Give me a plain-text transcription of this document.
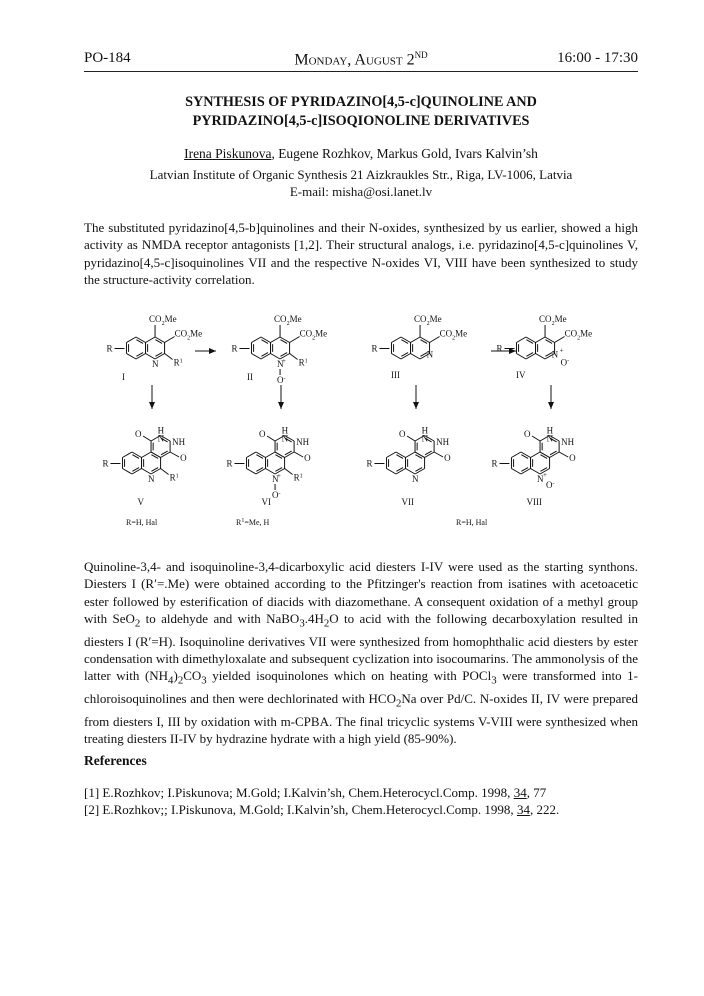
PO-184	Monday, August 2ND	16:00 - 17:30
SYNTHESIS OF PYRIDAZINO[4,5-c]QUINOLINE AND
PYRIDAZINO[4,5-c]ISOQIONOLINE DERIVATIVES
Irena Piskunova, Eugene Rozhkov, Markus Gold, Ivars Kalvin’sh
Latvian Institute of Organic Synthesis 21 Aizkraukles Str., Riga, LV-1006, Latvia
E-mail: misha@osi.lanet.lv

The substituted pyridazino[4,5-b]quinolines and their N-oxides, synthesized by us earlier, showed a high activity as NMDA receptor antagonists [1,2]. Their structural analogs, i.e. pyridazino[4,5-c]quinolines V, pyridazino[4,5-c]isoquinolines VII and the respective N-oxides VI, VIII have been synthesized to study the structure-activity correlation.

R
$CO_2Me$
$CO_2Me$
N $R^1$
I
R
$CO_2Me$
$CO_2Me$
N $R^1$
+
O-
II
R
$CO_2Me$
$CO_2Me$
N
III
R
$CO_2Me$
$CO_2Me$
N +
O-
IV
R
O H
N NH
O
N $R^1$
V
R
O H
N NH
O
N $R^1$
+
O-
VI
R
O H
N NH
O
N
VII
R
O H
N NH
O
N +
O-
VIII
R=H, Hal	$R^1=Me$, H	R=H, Hal

Quinoline-3,4- and isoquinoline-3,4-dicarboxylic acid diesters I-IV were used as the starting synthons. Diesters I (R′=.Me) were obtained according to the Pfitzinger's reaction from isatines with acetoacetic ester followed by esterification of diacids with diazomethane. A consequent oxidation of a methyl group with SeO$_2$ to aldehyde and with $NaBO_3.4H_2O$ to acid with the following decarboxylation resulted in diesters I (R′=H). Isoquinoline derivatives VII were synthesized from homophthalic acid diesters by ester condensation with dimethyloxalate and subsequent cyclization into isocoumarins. The ammonolysis of the latter with $(NH_4)_2CO_3$ yielded isoquinolones which on heating with POCl$_3$ were transformed into 1-chloroisoquinolines and then were dechlorinated with $HCO_2Na$ over Pd/C. N-oxides II, IV were prepared from diesters I, III by oxidation with m-CPBA. The final tricyclic systems V-VIII were synthesized when treating diesters II-IV by hydrazine hydrate with a high yield (85-90%).

References
[1] E.Rozhkov; I.Piskunova; M.Gold; I.Kalvin’sh, Chem.Heterocycl.Comp. 1998, 34, 77
[2] E.Rozhkov;; I.Piskunova, M.Gold; I.Kalvin’sh, Chem.Heterocycl.Comp. 1998, 34, 222.
